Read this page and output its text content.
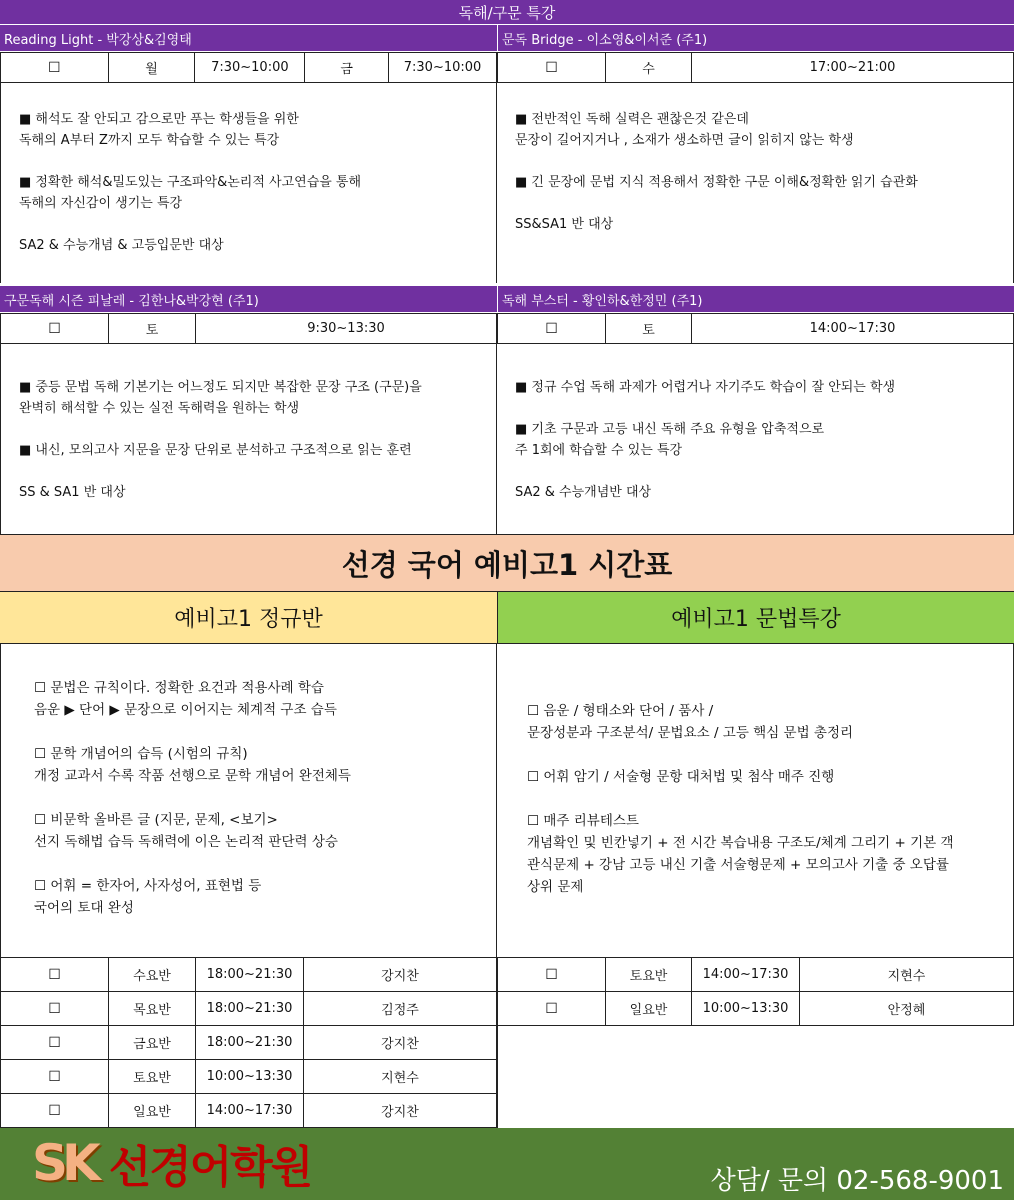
독해/구문 특강
Reading Light - 박강상&김영태	문독 Bridge - 이소영&이서준 (주1)
☐	월	7:30~10:00	금	7:30~10:00	☐	수	17:00~21:00

■ 해석도 잘 안되고 감으로만 푸는 학생들을 위한
독해의 A부터 Z까지 모두 학습할 수 있는 특강

■ 정확한 해석&밀도있는 구조파악&논리적 사고연습을 통해
독해의 자신감이 생기는 특강

SA2 & 수능개념 & 고등입문반 대상

■ 전반적인 독해 실력은 괜찮은것 같은데
문장이 길어지거나 , 소재가 생소하면 글이 읽히지 않는 학생

■ 긴 문장에 문법 지식 적용해서 정확한 구문 이해&정확한 읽기 습관화

SS&SA1 반 대상

구문독해 시즌 피날레 - 김한나&박강현 (주1)	독해 부스터 - 황인하&한정민 (주1)
☐	토	9:30~13:30	☐	토	14:00~17:30

■ 중등 문법 독해 기본기는 어느정도 되지만 복잡한 문장 구조 (구문)을
완벽히 해석할 수 있는 실전 독해력을 원하는 학생

■ 내신, 모의고사 지문을 문장 단위로 분석하고 구조적으로 읽는 훈련

SS & SA1 반 대상

■ 정규 수업 독해 과제가 어렵거나 자기주도 학습이 잘 안되는 학생

■ 기초 구문과 고등 내신 독해 주요 유형을 압축적으로
주 1회에 학습할 수 있는 특강

SA2 & 수능개념반 대상

선경 국어 예비고1 시간표
예비고1 정규반	예비고1 문법특강

☐ 문법은 규칙이다. 정확한 요건과 적용사례 학습
음운 ▶ 단어 ▶ 문장으로 이어지는 체계적 구조 습득

☐ 문학 개념어의 습득 (시험의 규칙)
개정 교과서 수록 작품 선행으로 문학 개념어 완전체득

☐ 비문학 올바른 글 (지문, 문제, <보기>
선지 독해법 습득 독해력에 이은 논리적 판단력 상승

☐ 어휘 = 한자어, 사자성어, 표현법 등
국어의 토대 완성

☐ 음운 / 형태소와 단어 / 품사 /
문장성분과 구조분석/ 문법요소 / 고등 핵심 문법 총정리

☐ 어휘 암기 / 서술형 문항 대처법 및 첨삭 매주 진행

☐ 매주 리뷰테스트
개념확인 및 빈칸넣기 + 전 시간 복습내용 구조도/체계 그리기 + 기본 객
관식문제 + 강남 고등 내신 기출 서술형문제 + 모의고사 기출 중 오답률
상위 문제

☐	수요반	18:00~21:30	강지찬
☐	목요반	18:00~21:30	김정주
☐	금요반	18:00~21:30	강지찬
☐	토요반	10:00~13:30	지현수
☐	일요반	14:00~17:30	강지찬
☐	토요반	14:00~17:30	지현수
☐	일요반	10:00~13:30	안정혜
SK 선경어학원	상담/ 문의 02-568-9001
